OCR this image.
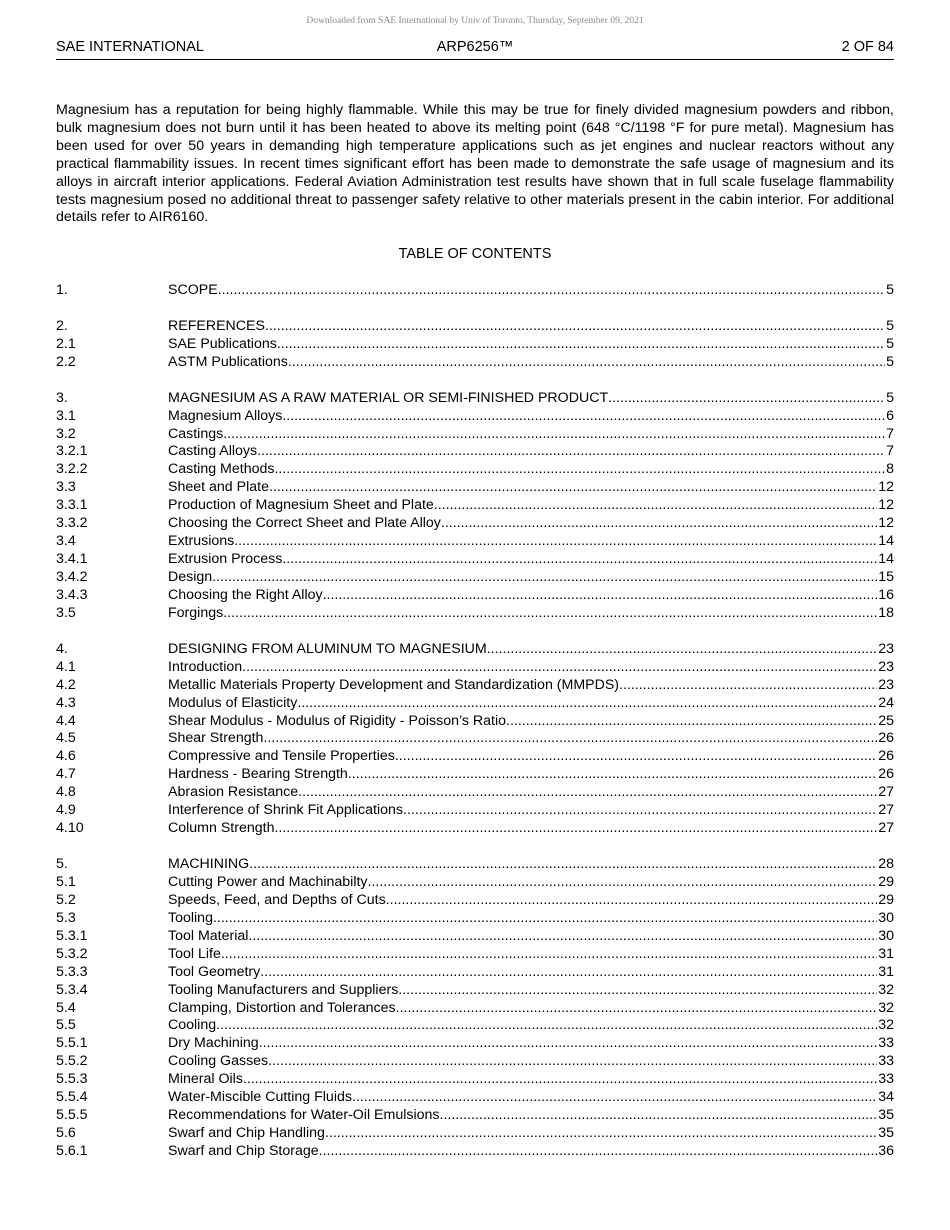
Downloaded from SAE International by Univ of Toronto, Thursday, September 09, 2021
SAE INTERNATIONAL	ARP6256™	2 OF 84

Magnesium has a reputation for being highly flammable. While this may be true for finely divided magnesium powders and ribbon, bulk magnesium does not burn until it has been heated to above its melting point (648 °C/1198 °F for pure metal). Magnesium has been used for over 50 years in demanding high temperature applications such as jet engines and nuclear reactors without any practical flammability issues. In recent times significant effort has been made to demonstrate the safe usage of magnesium and its alloys in aircraft interior applications. Federal Aviation Administration test results have shown that in full scale fuselage flammability tests magnesium posed no additional threat to passenger safety relative to other materials present in the cabin interior. For additional details refer to AIR6160.

TABLE OF CONTENTS
1.	SCOPE .....	5
2.	REFERENCES .....	5
2.1	SAE Publications .....	5
2.2	ASTM Publications .....	5
3.	MAGNESIUM AS A RAW MATERIAL OR SEMI-FINISHED PRODUCT .....	5
3.1	Magnesium Alloys .....	6
3.2	Castings .....	7
3.2.1	Casting Alloys .....	7
3.2.2	Casting Methods .....	8
3.3	Sheet and Plate .....	12
3.3.1	Production of Magnesium Sheet and Plate .....	12
3.3.2	Choosing the Correct Sheet and Plate Alloy .....	12
3.4	Extrusions .....	14
3.4.1	Extrusion Process .....	14
3.4.2	Design .....	15
3.4.3	Choosing the Right Alloy .....	16
3.5	Forgings .....	18
4.	DESIGNING FROM ALUMINUM TO MAGNESIUM .....	23
4.1	Introduction .....	23
4.2	Metallic Materials Property Development and Standardization (MMPDS) .....	23
4.3	Modulus of Elasticity .....	24
4.4	Shear Modulus - Modulus of Rigidity - Poisson’s Ratio .....	25
4.5	Shear Strength .....	26
4.6	Compressive and Tensile Properties .....	26
4.7	Hardness - Bearing Strength .....	26
4.8	Abrasion Resistance .....	27
4.9	Interference of Shrink Fit Applications .....	27
4.10	Column Strength .....	27
5.	MACHINING .....	28
5.1	Cutting Power and Machinabilty .....	29
5.2	Speeds, Feed, and Depths of Cuts .....	29
5.3	Tooling .....	30
5.3.1	Tool Material .....	30
5.3.2	Tool Life .....	31
5.3.3	Tool Geometry .....	31
5.3.4	Tooling Manufacturers and Suppliers .....	32
5.4	Clamping, Distortion and Tolerances .....	32
5.5	Cooling .....	32
5.5.1	Dry Machining .....	33
5.5.2	Cooling Gasses .....	33
5.5.3	Mineral Oils .....	33
5.5.4	Water-Miscible Cutting Fluids .....	34
5.5.5	Recommendations for Water-Oil Emulsions .....	35
5.6	Swarf and Chip Handling .....	35
5.6.1	Swarf and Chip Storage .....	36
